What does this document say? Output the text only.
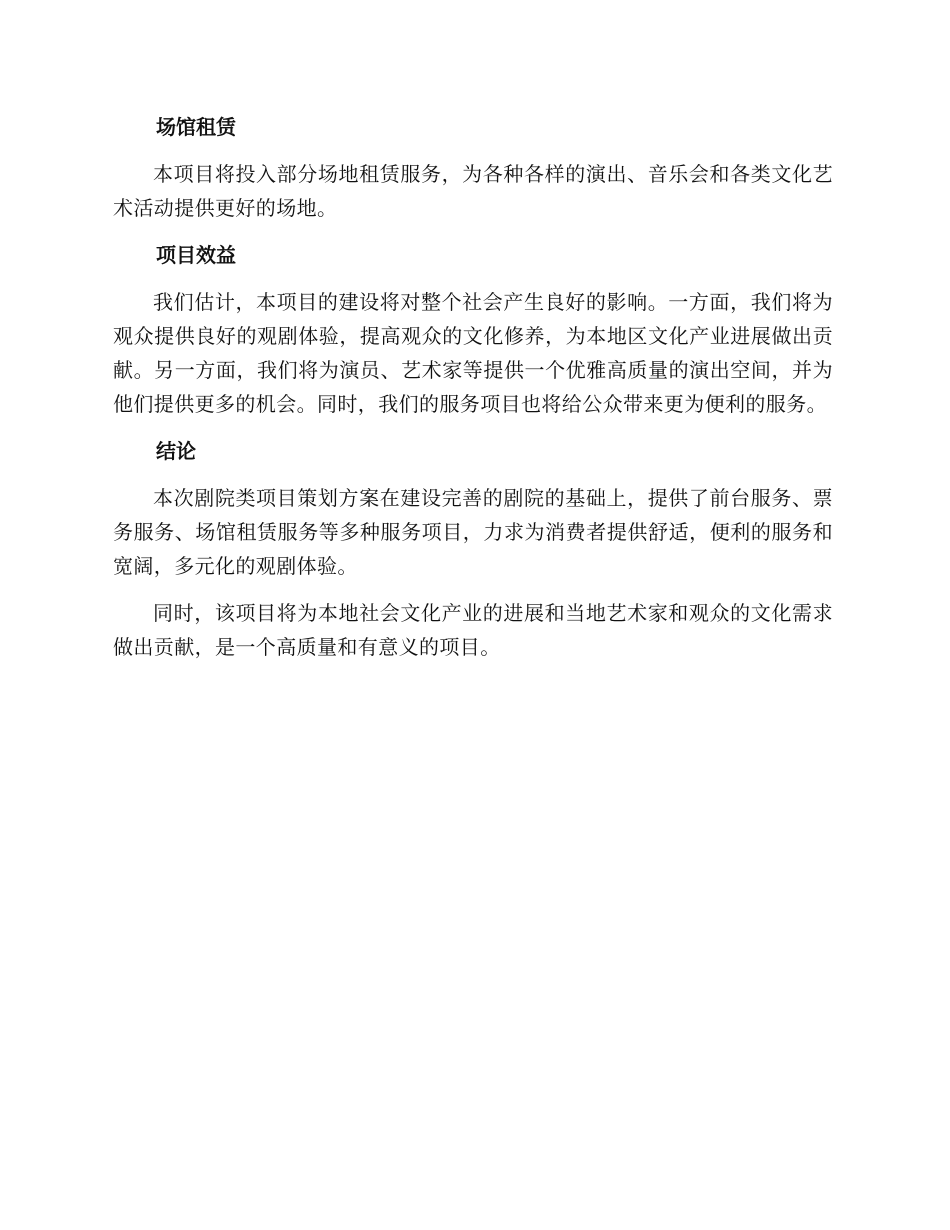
场馆租赁

本项目将投入部分场地租赁服务，为各种各样的演出、音乐会和各类文化艺术活动提供更好的场地。

项目效益

我们估计，本项目的建设将对整个社会产生良好的影响。一方面，我们将为观众提供良好的观剧体验，提高观众的文化修养，为本地区文化产业进展做出贡献。另一方面，我们将为演员、艺术家等提供一个优雅高质量的演出空间，并为他们提供更多的机会。同时，我们的服务项目也将给公众带来更为便利的服务。

结论

本次剧院类项目策划方案在建设完善的剧院的基础上，提供了前台服务、票务服务、场馆租赁服务等多种服务项目，力求为消费者提供舒适，便利的服务和宽阔，多元化的观剧体验。

同时，该项目将为本地社会文化产业的进展和当地艺术家和观众的文化需求做出贡献，是一个高质量和有意义的项目。
